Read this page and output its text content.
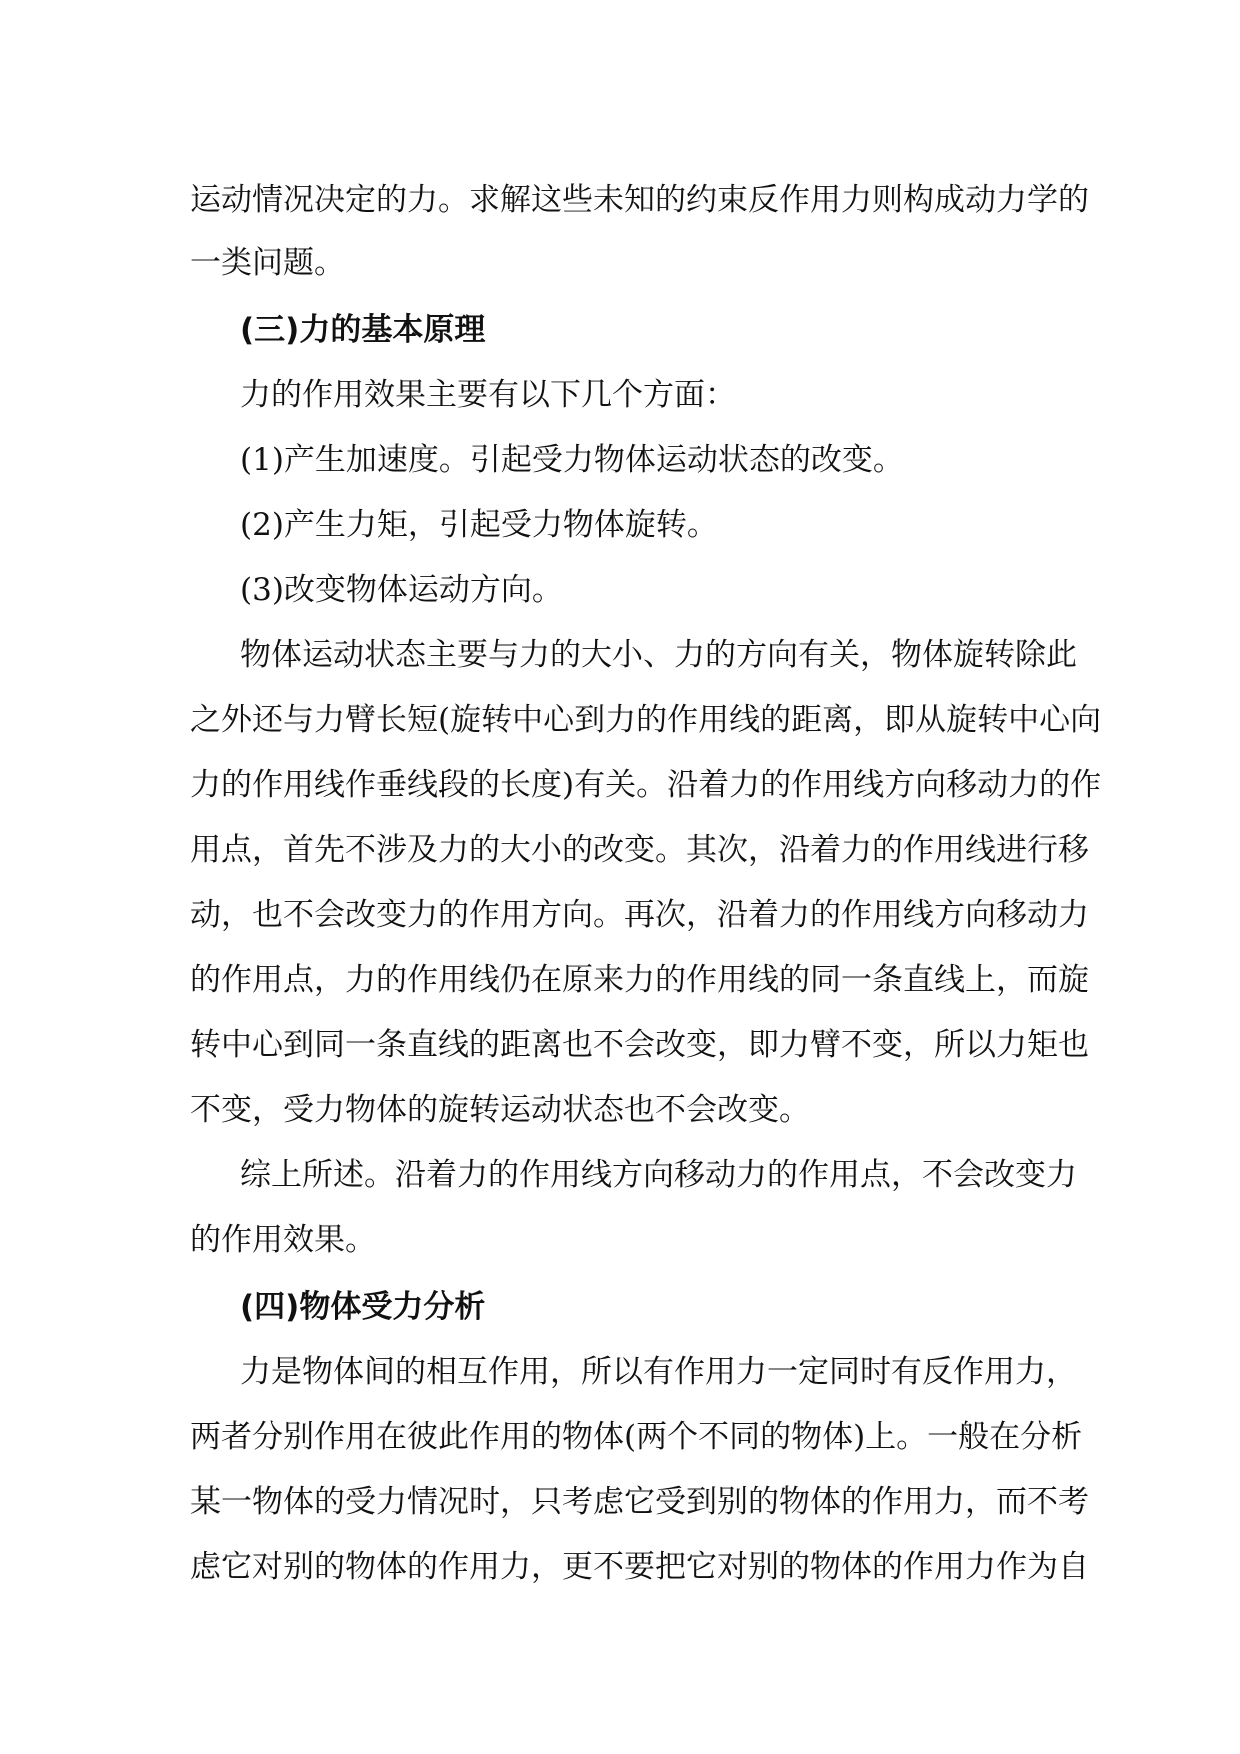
运动情况决定的力。求解这些未知的约束反作用力则构成动力学的

一类问题。

(三)力的基本原理

力的作用效果主要有以下几个方面：

(1)产生加速度。引起受力物体运动状态的改变。

(2)产生力矩，引起受力物体旋转。

(3)改变物体运动方向。

物体运动状态主要与力的大小、力的方向有关，物体旋转除此

之外还与力臂长短(旋转中心到力的作用线的距离，即从旋转中心向

力的作用线作垂线段的长度)有关。沿着力的作用线方向移动力的作

用点，首先不涉及力的大小的改变。其次，沿着力的作用线进行移

动，也不会改变力的作用方向。再次，沿着力的作用线方向移动力

的作用点，力的作用线仍在原来力的作用线的同一条直线上，而旋

转中心到同一条直线的距离也不会改变，即力臂不变，所以力矩也

不变，受力物体的旋转运动状态也不会改变。

综上所述。沿着力的作用线方向移动力的作用点，不会改变力

的作用效果。

(四)物体受力分析

力是物体间的相互作用，所以有作用力一定同时有反作用力，

两者分别作用在彼此作用的物体(两个不同的物体)上。一般在分析

某一物体的受力情况时，只考虑它受到别的物体的作用力，而不考

虑它对别的物体的作用力，更不要把它对别的物体的作用力作为自
